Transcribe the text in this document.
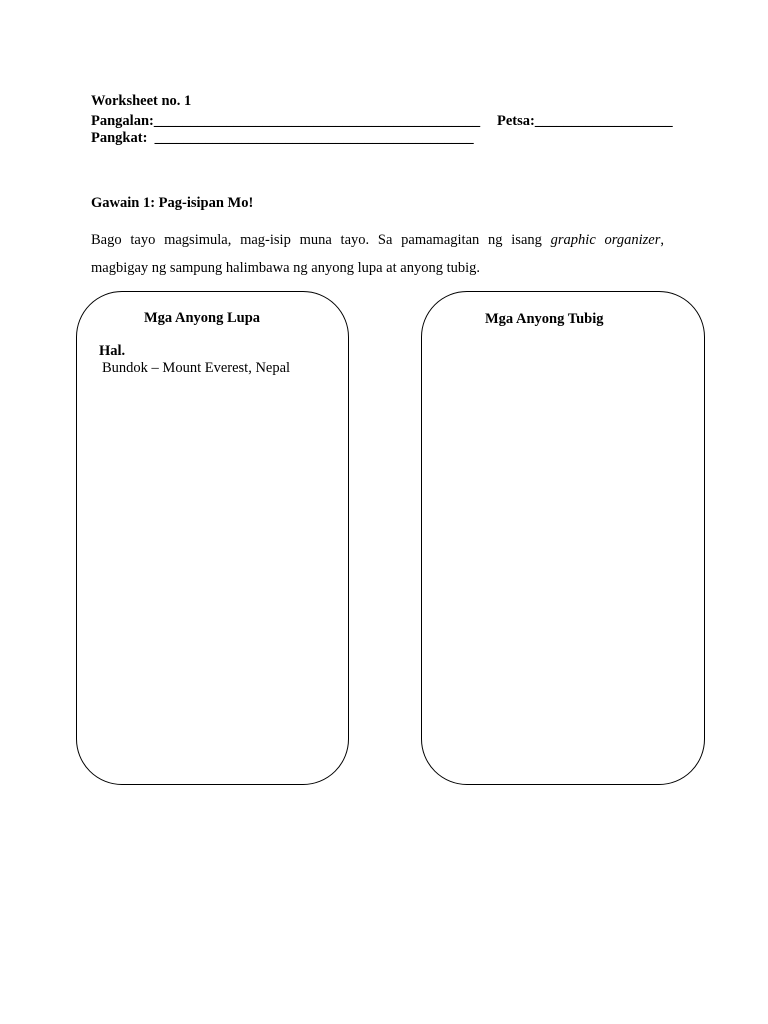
Worksheet no. 1
Pangalan:_____________________________________________ Petsa:___________________
Pangkat:  ____________________________________________
Gawain 1: Pag-isipan Mo!
Bago tayo magsimula, mag-isip muna tayo. Sa pamamagitan ng isang graphic organizer,
magbigay ng sampung halimbawa ng anyong lupa at anyong tubig.
Mga Anyong Lupa	Mga Anyong Tubig
Hal.
Bundok – Mount Everest, Nepal
